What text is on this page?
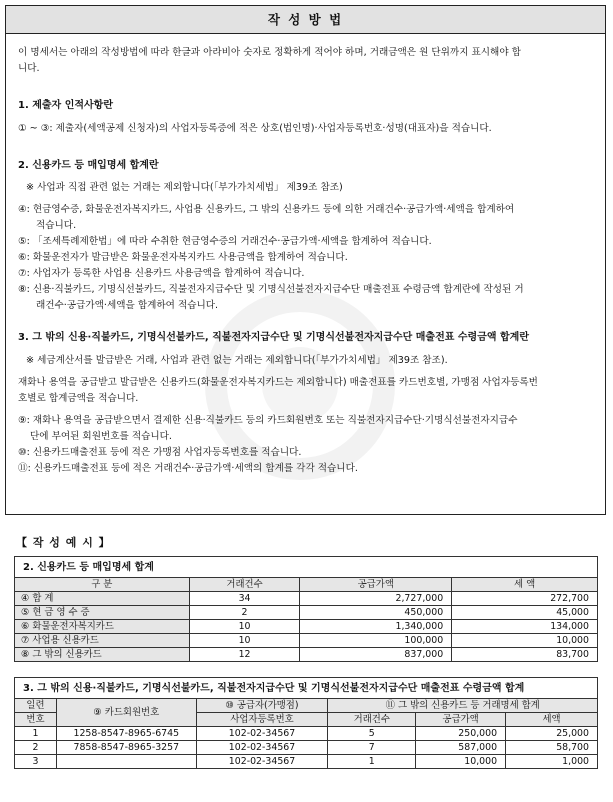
작 성 방 법
이 명세서는 아래의 작성방법에 따라 한글과 아라비아 숫자로 정확하게 적어야 하며, 거래금액은 원 단위까지 표시해야 합
니다.
1. 제출자 인적사항란
① ~ ③: 제출자(세액공제 신청자)의 사업자등록증에 적은 상호(법인명)·사업자등록번호·성명(대표자)을 적습니다.
2. 신용카드 등 매입명세 합계란
※ 사업과 직접 관련 없는 거래는 제외합니다(「부가가치세법」 제39조 참조)
④: 현금영수증, 화물운전자복지카드, 사업용 신용카드, 그 밖의 신용카드 등에 의한 거래건수·공급가액·세액을 합계하여
적습니다.
⑤: 「조세특례제한법」에 따라 수취한 현금영수증의 거래건수·공급가액·세액을 합계하여 적습니다.
⑥: 화물운전자가 발급받은 화물운전자복지카드 사용금액을 합계하여 적습니다.
⑦: 사업자가 등록한 사업용 신용카드 사용금액을 합계하여 적습니다.
⑧: 신용·직불카드, 기명식선불카드, 직불전자지급수단 및 기명식선불전자지급수단 매출전표 수령금액 합계란에 작성된 거
래건수·공급가액·세액을 합계하여 적습니다.
3. 그 밖의 신용·직불카드, 기명식선불카드, 직불전자지급수단 및 기명식선불전자지급수단 매출전표 수령금액 합계란
※ 세금계산서를 발급받은 거래, 사업과 관련 없는 거래는 제외합니다(「부가가치세법」 제39조 참조).
재화나 용역을 공급받고 발급받은 신용카드(화물운전자복지카드는 제외합니다) 매출전표를 카드번호별, 가맹점 사업자등록번
호별로 합계금액을 적습니다.
⑨: 재화나 용역을 공급받으면서 결제한 신용·직불카드 등의 카드회원번호 또는 직불전자지급수단·기명식선불전자지급수
단에 부여된 회원번호를 적습니다.
⑩: 신용카드매출전표 등에 적은 가맹점 사업자등록번호를 적습니다.
⑪: 신용카드매출전표 등에 적은 거래건수·공급가액·세액의 합계를 각각 적습니다.
【 작 성 예 시 】
2. 신용카드 등 매입명세 합계			
구 분	거래건수	공급가액	세 액
④ 합 계	34	2,727,000	272,700
⑤ 현 금 영 수 증	2	450,000	45,000
⑥ 화물운전자복지카드	10	1,340,000	134,000
⑦ 사업용 신용카드	10	100,000	10,000
⑧ 그 밖의 신용카드	12	837,000	83,700
3. 그 밖의 신용·직불카드, 기명식선불카드, 직불전자지급수단 및 기명식선불전자지급수단 매출전표 수령금액 합계					
일련	⑨ 카드회원번호	⑩ 공급자(가맹점)	⑪ 그 밖의 신용카드 등 거래명세 합계		
번호		사업자등록번호	거래건수	공급가액	세액
1	1258-8547-8965-6745	102-02-34567	5	250,000	25,000
2	7858-8547-8965-3257	102-02-34567	7	587,000	58,700
3		102-02-34567	1	10,000	1,000
